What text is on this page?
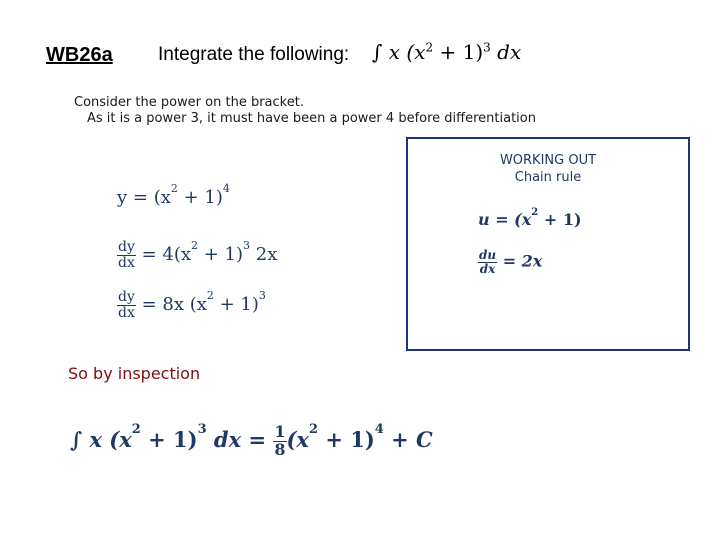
WB26a Integrate the following: ∫ x $(x^2 + 1)^3$ dx
Consider the power on the bracket.
As it is a power 3, it must have been a power 4 before differentiation
$y = (x^2 + 1)^4$
$\frac{dy}{dx} = 4(x^2 + 1)^3$ 2x
$\frac{dy}{dx} = 8x$ $(x^2 + 1)^3$
WORKING OUT
Chain rule
$u = (x^2 + 1)$
$\frac{du}{dx} = 2x$
So by inspection
∫ x $(x^2 + 1)^3$ dx = $\frac{1}{8} (x^2 + 1)^4 + C$
